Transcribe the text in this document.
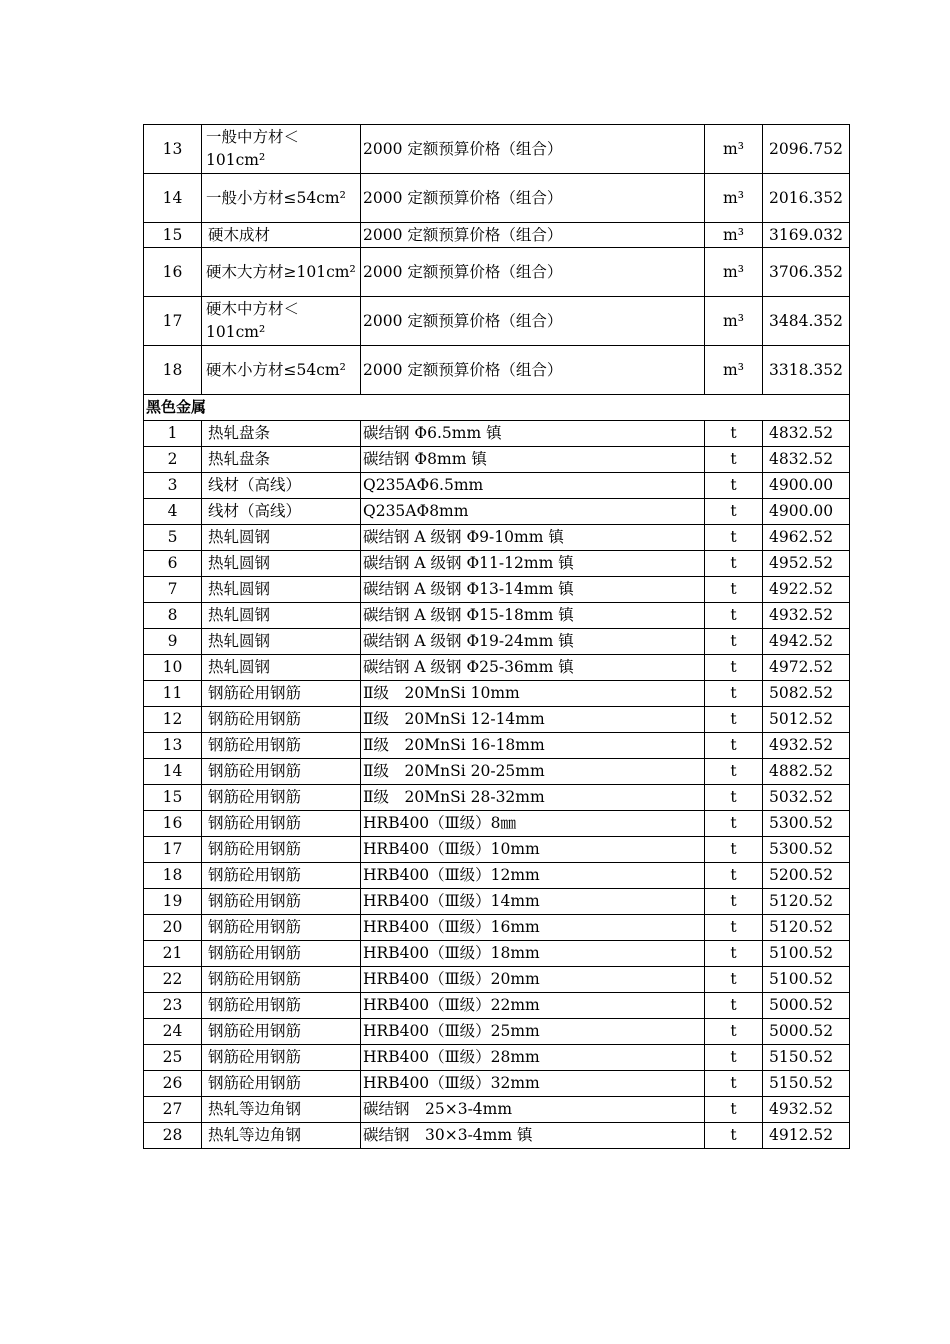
13	一般中方材＜101cm²	2000 定额预算价格（组合）	m³	2096.752
14	一般小方材≤54cm²	2000 定额预算价格（组合）	m³	2016.352
15	硬木成材	2000 定额预算价格（组合）	m³	3169.032
16	硬木大方材≥101cm²	2000 定额预算价格（组合）	m³	3706.352
17	硬木中方材＜101cm²	2000 定额预算价格（组合）	m³	3484.352
18	硬木小方材≤54cm²	2000 定额预算价格（组合）	m³	3318.352
黑色金属				
1	热轧盘条	碳结钢 Φ6.5mm 镇	t	4832.52
2	热轧盘条	碳结钢 Φ8mm 镇	t	4832.52
3	线材（高线）	Q235AΦ6.5mm	t	4900.00
4	线材（高线）	Q235AΦ8mm	t	4900.00
5	热轧圆钢	碳结钢 A 级钢 Φ9-10mm 镇	t	4962.52
6	热轧圆钢	碳结钢 A 级钢 Φ11-12mm 镇	t	4952.52
7	热轧圆钢	碳结钢 A 级钢 Φ13-14mm 镇	t	4922.52
8	热轧圆钢	碳结钢 A 级钢 Φ15-18mm 镇	t	4932.52
9	热轧圆钢	碳结钢 A 级钢 Φ19-24mm 镇	t	4942.52
10	热轧圆钢	碳结钢 A 级钢 Φ25-36mm 镇	t	4972.52
11	钢筋砼用钢筋	Ⅱ级　20MnSi 10mm	t	5082.52
12	钢筋砼用钢筋	Ⅱ级　20MnSi 12-14mm	t	5012.52
13	钢筋砼用钢筋	Ⅱ级　20MnSi 16-18mm	t	4932.52
14	钢筋砼用钢筋	Ⅱ级　20MnSi 20-25mm	t	4882.52
15	钢筋砼用钢筋	Ⅱ级　20MnSi 28-32mm	t	5032.52
16	钢筋砼用钢筋	HRB400（Ⅲ级）8㎜	t	5300.52
17	钢筋砼用钢筋	HRB400（Ⅲ级）10mm	t	5300.52
18	钢筋砼用钢筋	HRB400（Ⅲ级）12mm	t	5200.52
19	钢筋砼用钢筋	HRB400（Ⅲ级）14mm	t	5120.52
20	钢筋砼用钢筋	HRB400（Ⅲ级）16mm	t	5120.52
21	钢筋砼用钢筋	HRB400（Ⅲ级）18mm	t	5100.52
22	钢筋砼用钢筋	HRB400（Ⅲ级）20mm	t	5100.52
23	钢筋砼用钢筋	HRB400（Ⅲ级）22mm	t	5000.52
24	钢筋砼用钢筋	HRB400（Ⅲ级）25mm	t	5000.52
25	钢筋砼用钢筋	HRB400（Ⅲ级）28mm	t	5150.52
26	钢筋砼用钢筋	HRB400（Ⅲ级）32mm	t	5150.52
27	热轧等边角钢	碳结钢　25×3-4mm	t	4932.52
28	热轧等边角钢	碳结钢　30×3-4mm 镇	t	4912.52
